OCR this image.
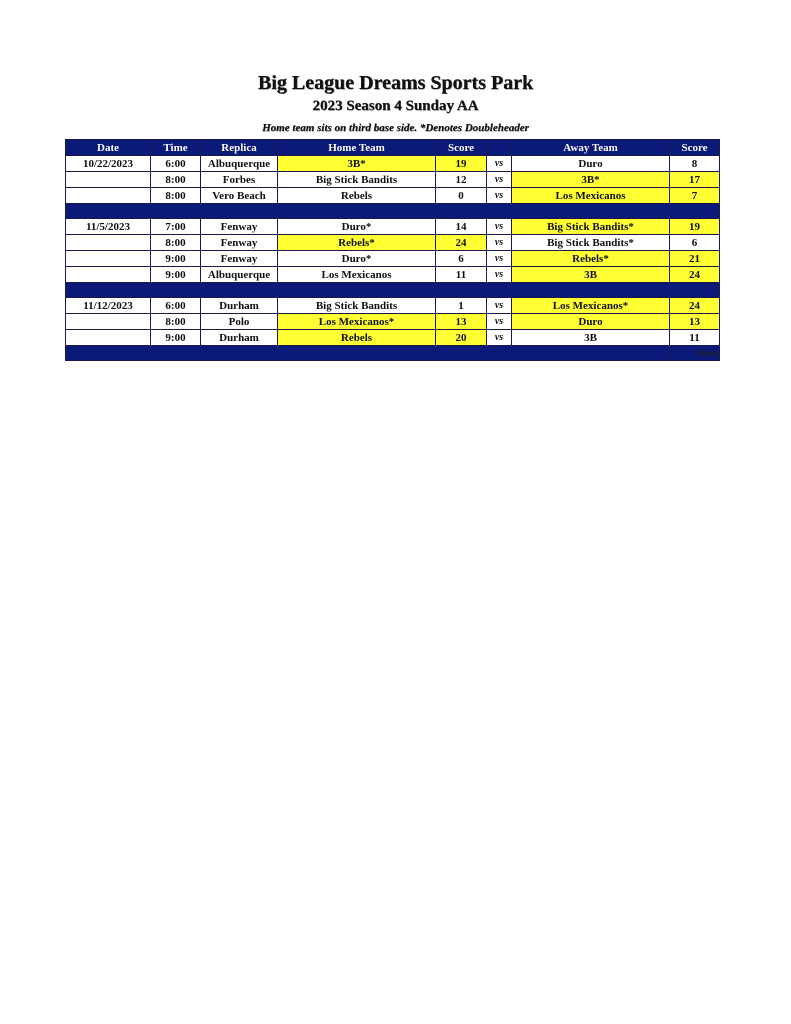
Big League Dreams Sports Park
2023 Season 4 Sunday AA
Home team sits on third base side. *Denotes Doubleheader
Date	Time	Replica	Home Team	Score		Away Team	Score
10/22/2023	6:00	Albuquerque	3B*	19	vs	Duro	8
	8:00	Forbes	Big Stick Bandits	12	vs	3B*	17
	8:00	Vero Beach	Rebels	0	vs	Los Mexicanos	7

11/5/2023	7:00	Fenway	Duro*	14	vs	Big Stick Bandits*	19
	8:00	Fenway	Rebels*	24	vs	Big Stick Bandits*	6
	9:00	Fenway	Duro*	6	vs	Rebels*	21
	9:00	Albuquerque	Los Mexicanos	11	vs	3B	24

11/12/2023	6:00	Durham	Big Stick Bandits	1	vs	Los Mexicanos*	24
	8:00	Polo	Los Mexicanos*	13	vs	Duro	13
	9:00	Durham	Rebels	20	vs	3B	11
							Score
